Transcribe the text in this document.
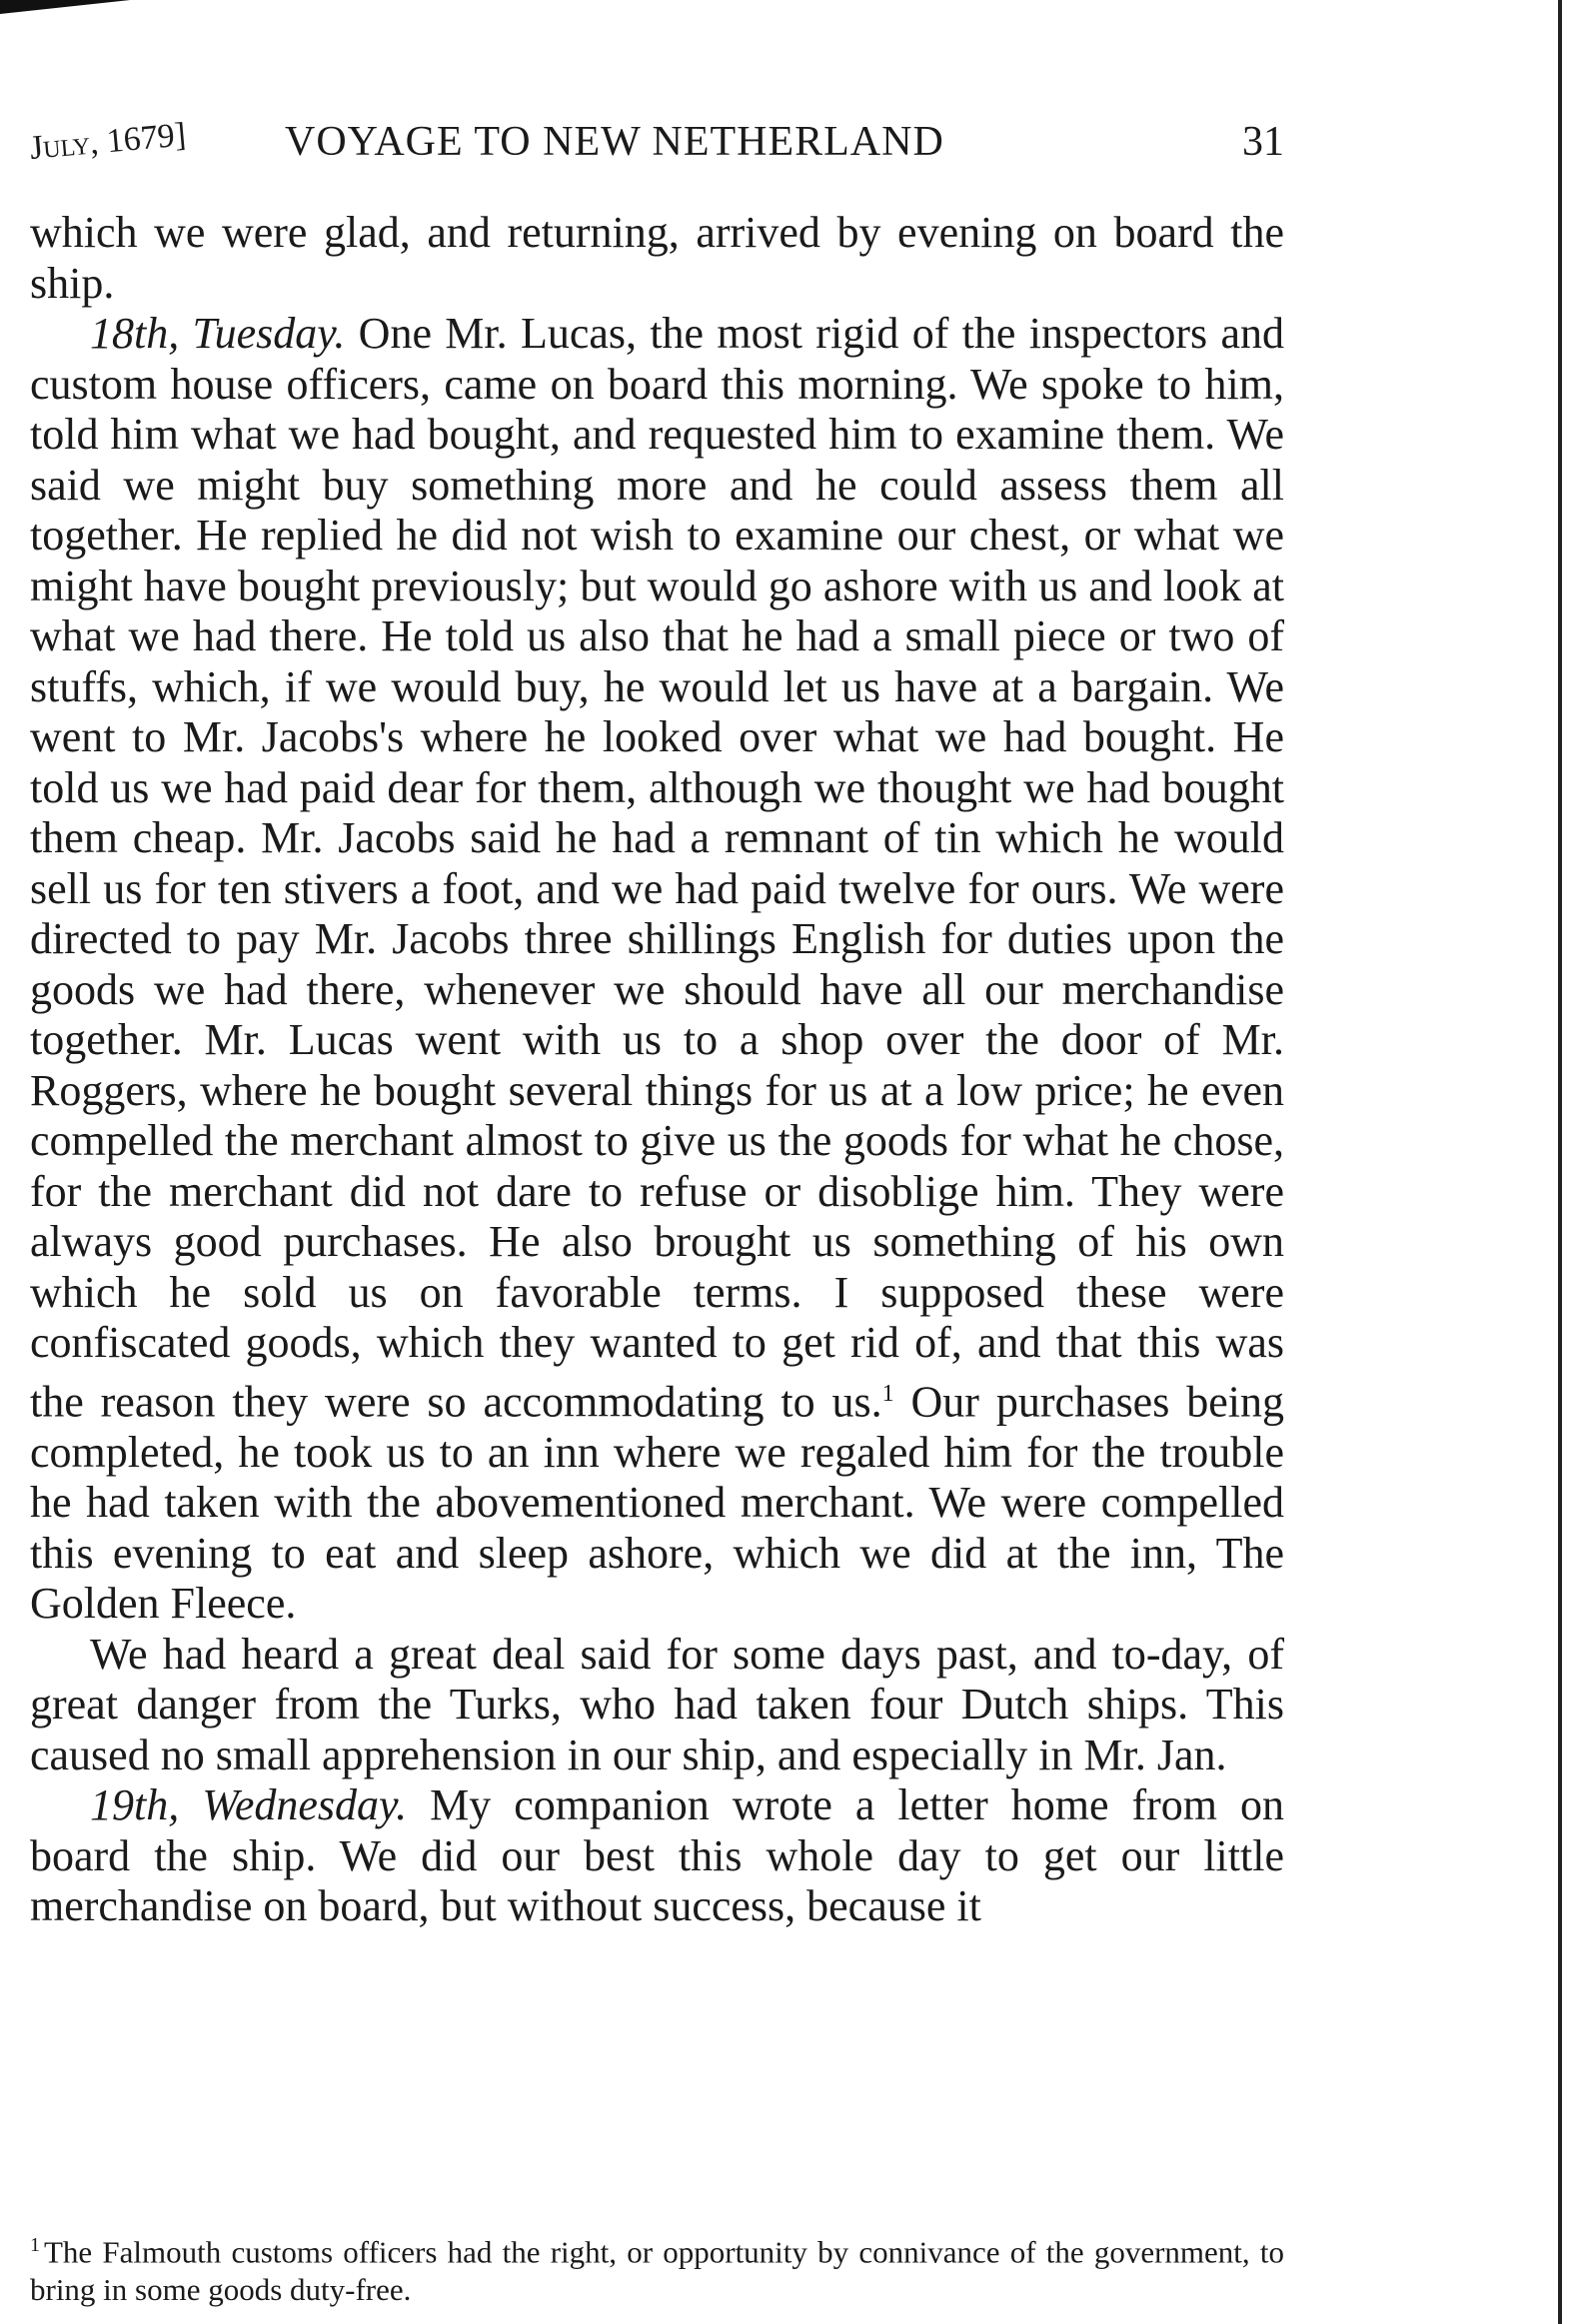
July, 1679] VOYAGE TO NEW NETHERLAND	31

which we were glad, and returning, arrived by evening on board the ship.

18th, Tuesday. One Mr. Lucas, the most rigid of the inspectors and custom house officers, came on board this morning. We spoke to him, told him what we had bought, and requested him to examine them. We said we might buy something more and he could assess them all together. He replied he did not wish to examine our chest, or what we might have bought previously; but would go ashore with us and look at what we had there. He told us also that he had a small piece or two of stuffs, which, if we would buy, he would let us have at a bargain. We went to Mr. Jacobs's where he looked over what we had bought. He told us we had paid dear for them, although we thought we had bought them cheap. Mr. Jacobs said he had a remnant of tin which he would sell us for ten stivers a foot, and we had paid twelve for ours. We were directed to pay Mr. Jacobs three shillings English for duties upon the goods we had there, whenever we should have all our merchandise together. Mr. Lucas went with us to a shop over the door of Mr. Roggers, where he bought several things for us at a low price; he even compelled the merchant almost to give us the goods for what he chose, for the merchant did not dare to refuse or disoblige him. They were always good purchases. He also brought us something of his own which he sold us on favorable terms. I supposed these were confiscated goods, which they wanted to get rid of, and that this was the reason they were so accommodating to us.$^1$ Our purchases being completed, he took us to an inn where we regaled him for the trouble he had taken with the abovementioned merchant. We were compelled this evening to eat and sleep ashore, which we did at the inn, The Golden Fleece.

We had heard a great deal said for some days past, and to-day, of great danger from the Turks, who had taken four Dutch ships. This caused no small apprehension in our ship, and especially in Mr. Jan.

19th, Wednesday. My companion wrote a letter home from on board the ship. We did our best this whole day to get our little merchandise on board, but without success, because it

$^1$ The Falmouth customs officers had the right, or opportunity by connivance of the government, to bring in some goods duty-free.
